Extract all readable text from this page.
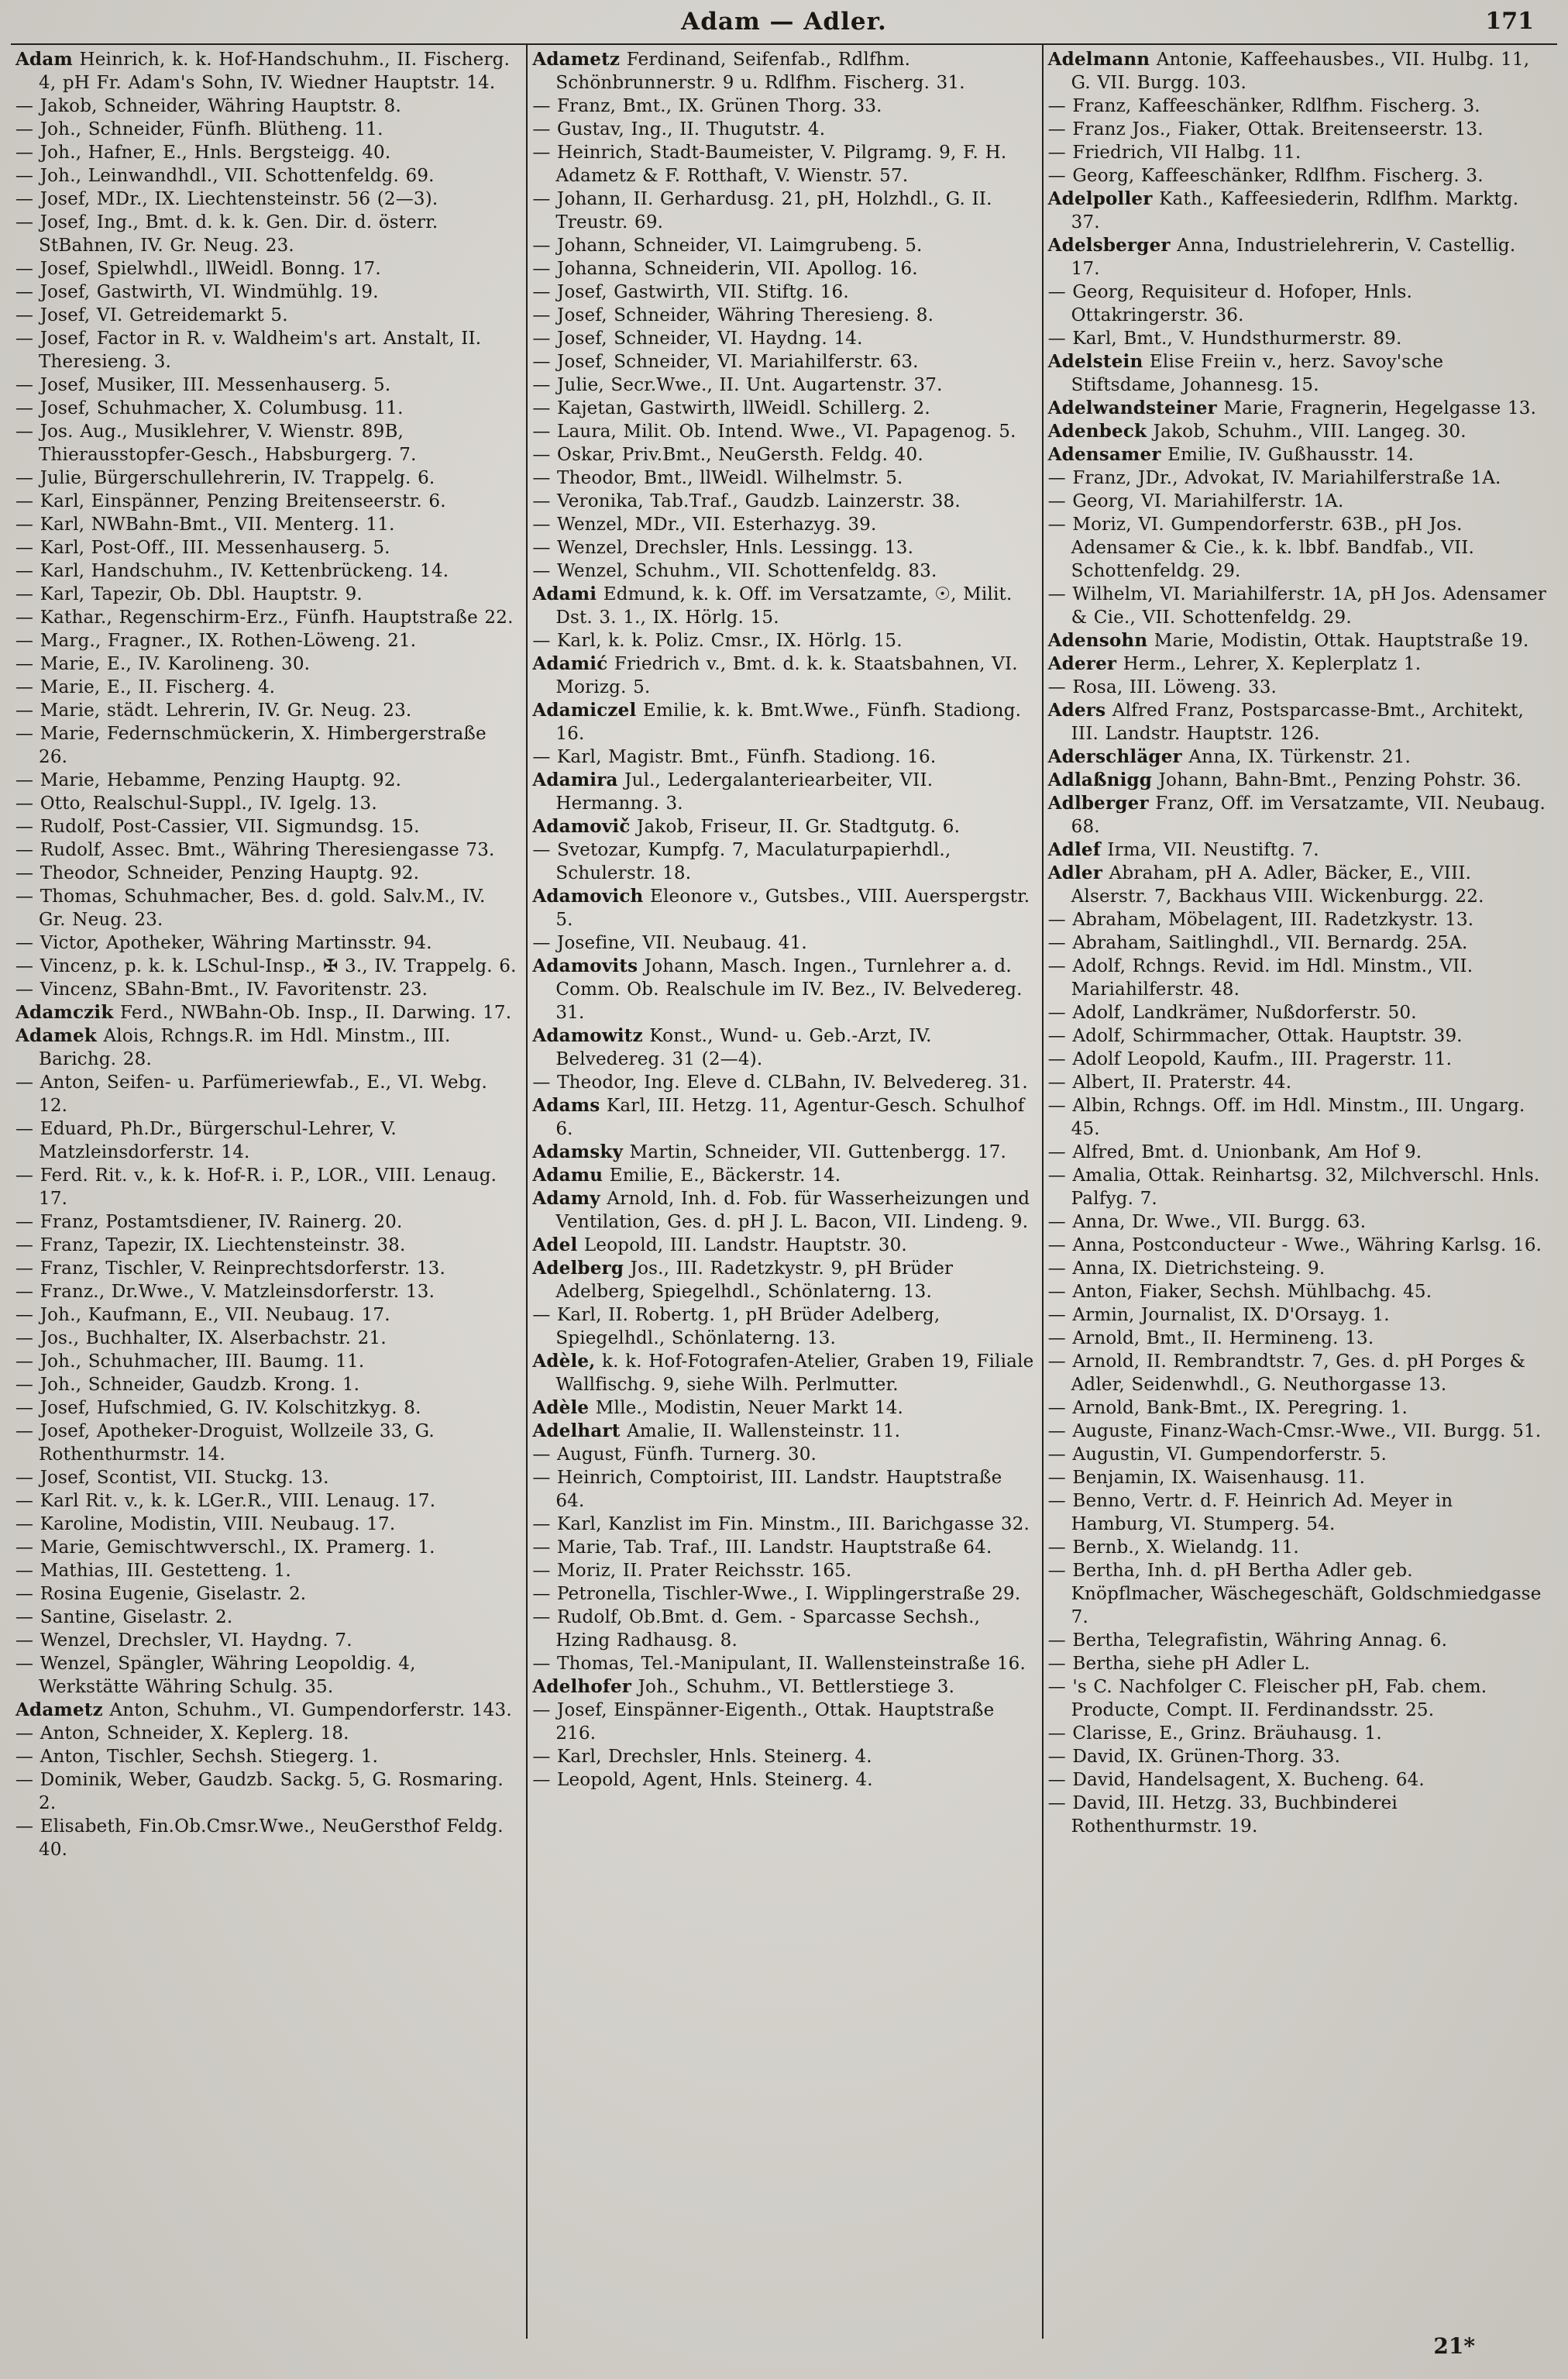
Adam — Adler.	171
Adam Heinrich, k. k. Hof-Handschuhm., II. Fischerg. 4, pH Fr. Adam's Sohn, IV. Wiedner Hauptstr. 14.
— Jakob, Schneider, Währing Hauptstr. 8.
— Joh., Schneider, Fünfh. Blütheng. 11.
— Joh., Hafner, E., Hnls. Bergsteigg. 40.
— Joh., Leinwandhdl., VII. Schottenfeldg. 69.
— Josef, MDr., IX. Liechtensteinstr. 56 (2—3).
— Josef, Ing., Bmt. d. k. k. Gen. Dir. d. österr. StBahnen, IV. Gr. Neug. 23.
— Josef, Spielwhdl., llWeidl. Bonng. 17.
— Josef, Gastwirth, VI. Windmühlg. 19.
— Josef, VI. Getreidemarkt 5.
— Josef, Factor in R. v. Waldheim's art. Anstalt, II. Theresieng. 3.
— Josef, Musiker, III. Messenhauserg. 5.
— Josef, Schuhmacher, X. Columbusg. 11.
— Jos. Aug., Musiklehrer, V. Wienstr. 89B, Thierausstopfer-Gesch., Habsburgerg. 7.
— Julie, Bürgerschullehrerin, IV. Trappelg. 6.
— Karl, Einspänner, Penzing Breitenseerstr. 6.
— Karl, NWBahn-Bmt., VII. Menterg. 11.
— Karl, Post-Off., III. Messenhauserg. 5.
— Karl, Handschuhm., IV. Kettenbrückeng. 14.
— Karl, Tapezir, Ob. Dbl. Hauptstr. 9.
— Kathar., Regenschirm-Erz., Fünfh. Hauptstraße 22.
— Marg., Fragner., IX. Rothen-Löweng. 21.
— Marie, E., IV. Karolineng. 30.
— Marie, E., II. Fischerg. 4.
— Marie, städt. Lehrerin, IV. Gr. Neug. 23.
— Marie, Federnschmückerin, X. Himbergerstraße 26.
— Marie, Hebamme, Penzing Hauptg. 92.
— Otto, Realschul-Suppl., IV. Igelg. 13.
— Rudolf, Post-Cassier, VII. Sigmundsg. 15.
— Rudolf, Assec. Bmt., Währing Theresiengasse 73.
— Theodor, Schneider, Penzing Hauptg. 92.
— Thomas, Schuhmacher, Bes. d. gold. Salv.M., IV. Gr. Neug. 23.
— Victor, Apotheker, Währing Martinsstr. 94.
— Vincenz, p. k. k. LSchul-Insp., ✠ 3., IV. Trappelg. 6.
— Vincenz, SBahn-Bmt., IV. Favoritenstr. 23.
Adamczik Ferd., NWBahn-Ob. Insp., II. Darwing. 17.
Adamek Alois, Rchngs.R. im Hdl. Minstm., III. Barichg. 28.
— Anton, Seifen- u. Parfümeriewfab., E., VI. Webg. 12.
— Eduard, Ph.Dr., Bürgerschul-Lehrer, V. Matzleinsdorferstr. 14.
— Ferd. Rit. v., k. k. Hof-R. i. P., LOR., VIII. Lenaug. 17.
— Franz, Postamtsdiener, IV. Rainerg. 20.
— Franz, Tapezir, IX. Liechtensteinstr. 38.
— Franz, Tischler, V. Reinprechtsdorferstr. 13.
— Franz., Dr.Wwe., V. Matzleinsdorferstr. 13.
— Joh., Kaufmann, E., VII. Neubaug. 17.
— Jos., Buchhalter, IX. Alserbachstr. 21.
— Joh., Schuhmacher, III. Baumg. 11.
— Joh., Schneider, Gaudzb. Krong. 1.
— Josef, Hufschmied, G. IV. Kolschitzkyg. 8.
— Josef, Apotheker-Droguist, Wollzeile 33, G. Rothenthurmstr. 14.
— Josef, Scontist, VII. Stuckg. 13.
— Karl Rit. v., k. k. LGer.R., VIII. Lenaug. 17.
— Karoline, Modistin, VIII. Neubaug. 17.
— Marie, Gemischtwverschl., IX. Pramerg. 1.
— Mathias, III. Gestetteng. 1.
— Rosina Eugenie, Giselastr. 2.
— Santine, Giselastr. 2.
— Wenzel, Drechsler, VI. Haydng. 7.
— Wenzel, Spängler, Währing Leopoldig. 4, Werkstätte Währing Schulg. 35.
Adametz Anton, Schuhm., VI. Gumpendorferstr. 143.
— Anton, Schneider, X. Keplerg. 18.
— Anton, Tischler, Sechsh. Stiegerg. 1.
— Dominik, Weber, Gaudzb. Sackg. 5, G. Rosmaring. 2.
— Elisabeth, Fin.Ob.Cmsr.Wwe., NeuGersthof Feldg. 40.
Adametz Ferdinand, Seifenfab., Rdlfhm. Schönbrunnerstr. 9 u. Rdlfhm. Fischerg. 31.
— Franz, Bmt., IX. Grünen Thorg. 33.
— Gustav, Ing., II. Thugutstr. 4.
— Heinrich, Stadt-Baumeister, V. Pilgramg. 9, F. H. Adametz & F. Rotthaft, V. Wienstr. 57.
— Johann, II. Gerhardusg. 21, pH, Holzhdl., G. II. Treustr. 69.
— Johann, Schneider, VI. Laimgrubeng. 5.
— Johanna, Schneiderin, VII. Apollog. 16.
— Josef, Gastwirth, VII. Stiftg. 16.
— Josef, Schneider, Währing Theresieng. 8.
— Josef, Schneider, VI. Haydng. 14.
— Josef, Schneider, VI. Mariahilferstr. 63.
— Julie, Secr.Wwe., II. Unt. Augartenstr. 37.
— Kajetan, Gastwirth, llWeidl. Schillerg. 2.
— Laura, Milit. Ob. Intend. Wwe., VI. Papagenog. 5.
— Oskar, Priv.Bmt., NeuGersth. Feldg. 40.
— Theodor, Bmt., llWeidl. Wilhelmstr. 5.
— Veronika, Tab.Traf., Gaudzb. Lainzerstr. 38.
— Wenzel, MDr., VII. Esterhazyg. 39.
— Wenzel, Drechsler, Hnls. Lessingg. 13.
— Wenzel, Schuhm., VII. Schottenfeldg. 83.
Adami Edmund, k. k. Off. im Versatzamte, ☉, Milit. Dst. 3. 1., IX. Hörlg. 15.
— Karl, k. k. Poliz. Cmsr., IX. Hörlg. 15.
Adamić Friedrich v., Bmt. d. k. k. Staatsbahnen, VI. Morizg. 5.
Adamiczel Emilie, k. k. Bmt.Wwe., Fünfh. Stadiong. 16.
— Karl, Magistr. Bmt., Fünfh. Stadiong. 16.
Adamira Jul., Ledergalanteriearbeiter, VII. Hermanng. 3.
Adamovič Jakob, Friseur, II. Gr. Stadtgutg. 6.
— Svetozar, Kumpfg. 7, Maculaturpapierhdl., Schulerstr. 18.
Adamovich Eleonore v., Gutsbes., VIII. Auerspergstr. 5.
— Josefine, VII. Neubaug. 41.
Adamovits Johann, Masch. Ingen., Turnlehrer a. d. Comm. Ob. Realschule im IV. Bez., IV. Belvedereg. 31.
Adamowitz Konst., Wund- u. Geb.-Arzt, IV. Belvedereg. 31 (2—4).
— Theodor, Ing. Eleve d. CLBahn, IV. Belvedereg. 31.
Adams Karl, III. Hetzg. 11, Agentur-Gesch. Schulhof 6.
Adamsky Martin, Schneider, VII. Guttenbergg. 17.
Adamu Emilie, E., Bäckerstr. 14.
Adamy Arnold, Inh. d. Fob. für Wasserheizungen und Ventilation, Ges. d. pH J. L. Bacon, VII. Lindeng. 9.
Adel Leopold, III. Landstr. Hauptstr. 30.
Adelberg Jos., III. Radetzkystr. 9, pH Brüder Adelberg, Spiegelhdl., Schönlaterng. 13.
— Karl, II. Robertg. 1, pH Brüder Adelberg, Spiegelhdl., Schönlaterng. 13.
Adèle, k. k. Hof-Fotografen-Atelier, Graben 19, Filiale Wallfischg. 9, siehe Wilh. Perlmutter.
Adèle Mlle., Modistin, Neuer Markt 14.
Adelhart Amalie, II. Wallensteinstr. 11.
— August, Fünfh. Turnerg. 30.
— Heinrich, Comptoirist, III. Landstr. Hauptstraße 64.
— Karl, Kanzlist im Fin. Minstm., III. Barichgasse 32.
— Marie, Tab. Traf., III. Landstr. Hauptstraße 64.
— Moriz, II. Prater Reichsstr. 165.
— Petronella, Tischler-Wwe., I. Wipplingerstraße 29.
— Rudolf, Ob.Bmt. d. Gem. - Sparcasse Sechsh., Hzing Radhausg. 8.
— Thomas, Tel.-Manipulant, II. Wallensteinstraße 16.
Adelhofer Joh., Schuhm., VI. Bettlerstiege 3.
— Josef, Einspänner-Eigenth., Ottak. Hauptstraße 216.
— Karl, Drechsler, Hnls. Steinerg. 4.
— Leopold, Agent, Hnls. Steinerg. 4.
Adelmann Antonie, Kaffeehausbes., VII. Hulbg. 11, G. VII. Burgg. 103.
— Franz, Kaffeeschänker, Rdlfhm. Fischerg. 3.
— Franz Jos., Fiaker, Ottak. Breitenseerstr. 13.
— Friedrich, VII Halbg. 11.
— Georg, Kaffeeschänker, Rdlfhm. Fischerg. 3.
Adelpoller Kath., Kaffeesiederin, Rdlfhm. Marktg. 37.
Adelsberger Anna, Industrielehrerin, V. Castellig. 17.
— Georg, Requisiteur d. Hofoper, Hnls. Ottakringerstr. 36.
— Karl, Bmt., V. Hundsthurmerstr. 89.
Adelstein Elise Freiin v., herz. Savoy'sche Stiftsdame, Johannesg. 15.
Adelwandsteiner Marie, Fragnerin, Hegelgasse 13.
Adenbeck Jakob, Schuhm., VIII. Langeg. 30.
Adensamer Emilie, IV. Gußhausstr. 14.
— Franz, JDr., Advokat, IV. Mariahilferstraße 1A.
— Georg, VI. Mariahilferstr. 1A.
— Moriz, VI. Gumpendorferstr. 63B., pH Jos. Adensamer & Cie., k. k. lbbf. Bandfab., VII. Schottenfeldg. 29.
— Wilhelm, VI. Mariahilferstr. 1A, pH Jos. Adensamer & Cie., VII. Schottenfeldg. 29.
Adensohn Marie, Modistin, Ottak. Hauptstraße 19.
Aderer Herm., Lehrer, X. Keplerplatz 1.
— Rosa, III. Löweng. 33.
Aders Alfred Franz, Postsparcasse-Bmt., Architekt, III. Landstr. Hauptstr. 126.
Aderschläger Anna, IX. Türkenstr. 21.
Adlaßnigg Johann, Bahn-Bmt., Penzing Pohstr. 36.
Adlberger Franz, Off. im Versatzamte, VII. Neubaug. 68.
Adlef Irma, VII. Neustiftg. 7.
Adler Abraham, pH A. Adler, Bäcker, E., VIII. Alserstr. 7, Backhaus VIII. Wickenburgg. 22.
— Abraham, Möbelagent, III. Radetzkystr. 13.
— Abraham, Saitlinghdl., VII. Bernardg. 25A.
— Adolf, Rchngs. Revid. im Hdl. Minstm., VII. Mariahilferstr. 48.
— Adolf, Landkrämer, Nußdorferstr. 50.
— Adolf, Schirmmacher, Ottak. Hauptstr. 39.
— Adolf Leopold, Kaufm., III. Pragerstr. 11.
— Albert, II. Praterstr. 44.
— Albin, Rchngs. Off. im Hdl. Minstm., III. Ungarg. 45.
— Alfred, Bmt. d. Unionbank, Am Hof 9.
— Amalia, Ottak. Reinhartsg. 32, Milchverschl. Hnls. Palfyg. 7.
— Anna, Dr. Wwe., VII. Burgg. 63.
— Anna, Postconducteur - Wwe., Währing Karlsg. 16.
— Anna, IX. Dietrichsteing. 9.
— Anton, Fiaker, Sechsh. Mühlbachg. 45.
— Armin, Journalist, IX. D'Orsayg. 1.
— Arnold, Bmt., II. Hermineng. 13.
— Arnold, II. Rembrandtstr. 7, Ges. d. pH Porges & Adler, Seidenwhdl., G. Neuthorgasse 13.
— Arnold, Bank-Bmt., IX. Peregring. 1.
— Auguste, Finanz-Wach-Cmsr.-Wwe., VII. Burgg. 51.
— Augustin, VI. Gumpendorferstr. 5.
— Benjamin, IX. Waisenhausg. 11.
— Benno, Vertr. d. F. Heinrich Ad. Meyer in Hamburg, VI. Stumperg. 54.
— Bernb., X. Wielandg. 11.
— Bertha, Inh. d. pH Bertha Adler geb. Knöpflmacher, Wäschegeschäft, Goldschmiedgasse 7.
— Bertha, Telegrafistin, Währing Annag. 6.
— Bertha, siehe pH Adler L.
— 's C. Nachfolger C. Fleischer pH, Fab. chem. Producte, Compt. II. Ferdinandsstr. 25.
— Clarisse, E., Grinz. Bräuhausg. 1.
— David, IX. Grünen-Thorg. 33.
— David, Handelsagent, X. Bucheng. 64.
— David, III. Hetzg. 33, Buchbinderei Rothenthurmstr. 19.
21*
